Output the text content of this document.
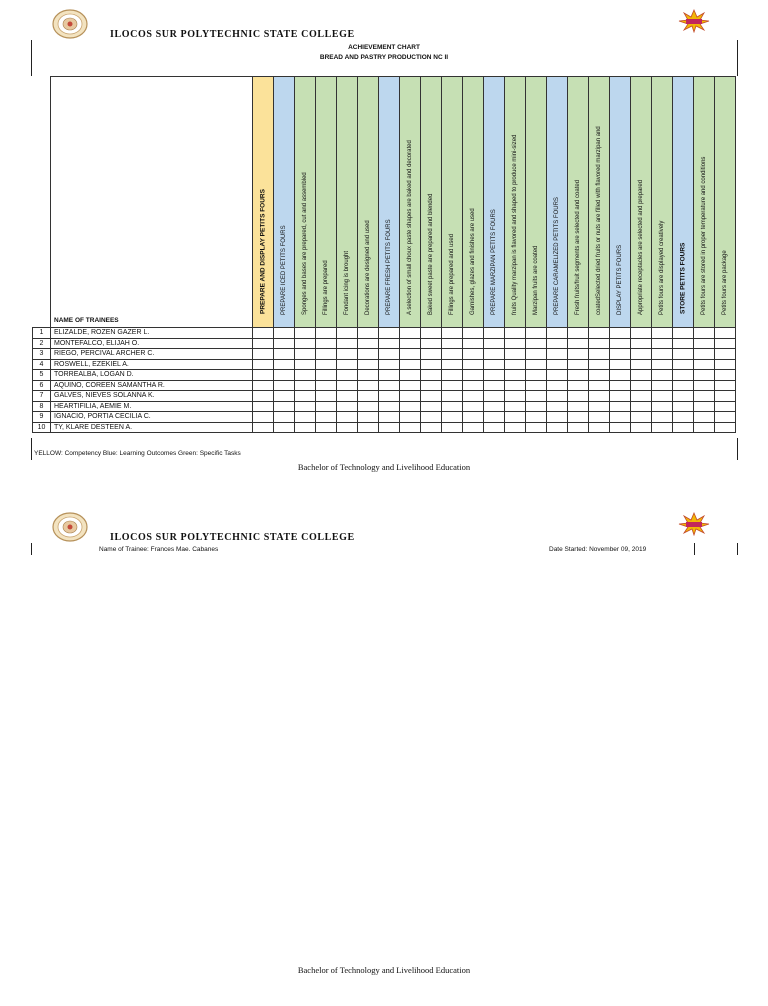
ILOCOS SUR POLYTECHNIC STATE COLLEGE
ACHIEVEMENT CHART
BREAD AND PASTRY PRODUCTION NC II
	NAME OF TRAINEES	PREPARE AND DISPLAY PETITS FOURS	PREPARE ICED PETITS FOURS	Sponges and bases are prepared, cut and assembled	Fillings are prepared	Fondant icing is brought	Decorations are designed and used	PREPARE FRESH PETITS FOURS	A selection of small choux paste shapes are baked and decorated	Baked sweet paste are prepared and blended	Fillings are prepared and used	Garnishes, glazes and finishes are used	PREPARE MARZIPAN PETITS FOURS	fruits Quality marzipan is flavored and shaped to produce mini-sized	Marzipan fruits are coated	PREPARE CARAMELIZED PETITS FOURS	Fresh fruits/fruit segments are selected and coated	coatedSelected dried fruits or nuts are filled with flavored marzipan and	DISPLAY PETITS FOURS	Appropriate receptacles are selected and prepared	Petits fours are displayed creatively	STORE PETITS FOURS	Petits fours are stored in proper temperature and conditions	Petits fours are package

1	ELIZALDE, ROZEN GAZER L.																							
2	MONTEFALCO, ELIJAH O.																							
3	RIEGO, PERCIVAL ARCHER C.																							
4	ROSWELL, EZEKIEL A.																							
5	TORREALBA, LOGAN D.																							
6	AQUINO, COREEN SAMANTHA R.																							
7	GALVES, NIEVES SOLANNA K.																							
8	HEARTIFILIA, AEMIE M.																							
9	IGNACIO, PORTIA CECILIA C.																							
10	TY, KLARE DESTEEN A.																							
YELLOW: Competency Blue: Learning Outcomes Green: Specific Tasks
Bachelor of Technology and Livelihood Education
ILOCOS SUR POLYTECHNIC STATE COLLEGE
Name of Trainee: Frances Mae. Cabanes	Date Started: November 09, 2019
Bachelor of Technology and Livelihood Education
